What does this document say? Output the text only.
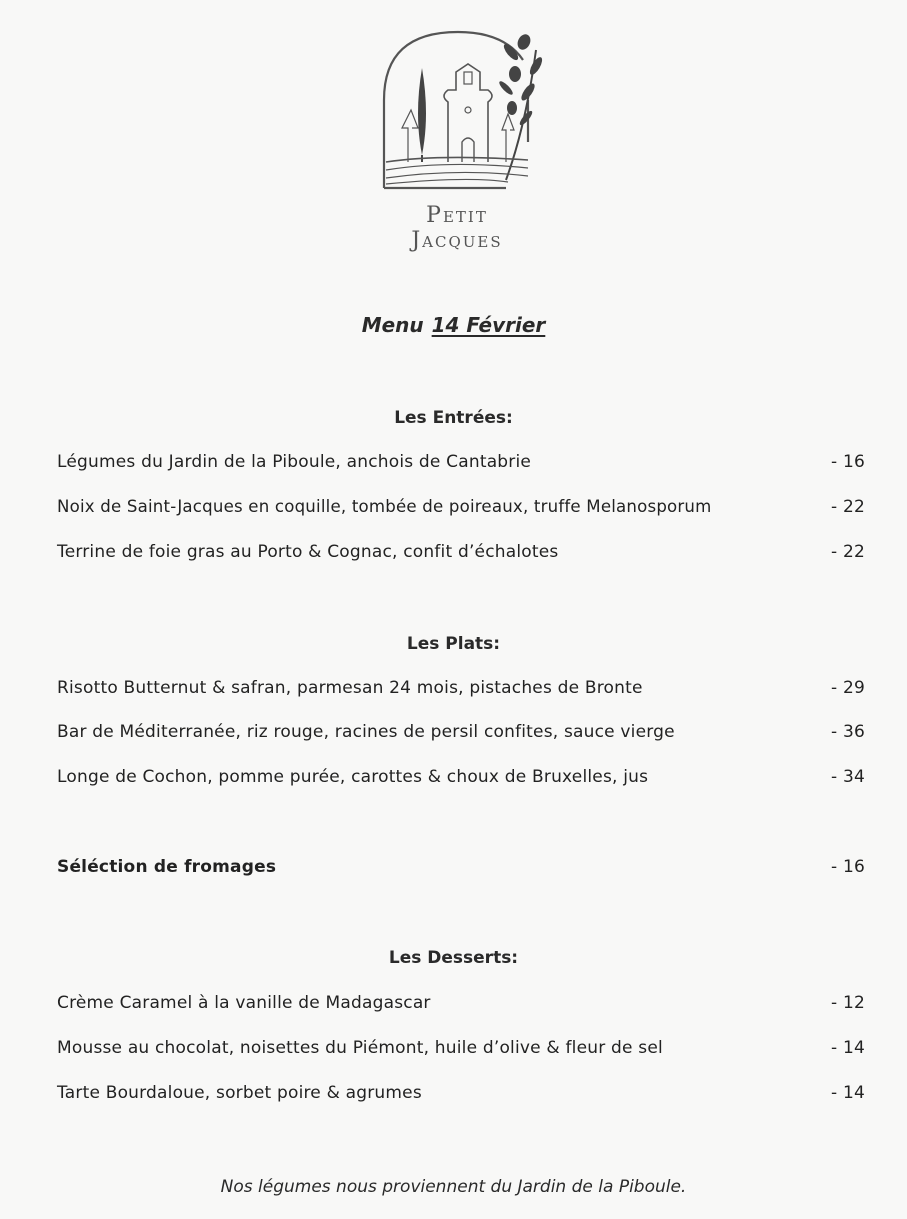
Petit Jacques
Menu 14 Février
Les Entrées:
Légumes du Jardin de la Piboule, anchois de Cantabrie	- 16
Noix de Saint-Jacques en coquille, tombée de poireaux, truffe Melanosporum	- 22
Terrine de foie gras au Porto & Cognac, confit d’échalotes	- 22
Les Plats:
Risotto Butternut & safran, parmesan 24 mois, pistaches de Bronte	- 29
Bar de Méditerranée, riz rouge, racines de persil confites, sauce vierge	- 36
Longe de Cochon, pomme purée, carottes & choux de Bruxelles, jus	- 34
Séléction de fromages	- 16
Les Desserts:
Crème Caramel à la vanille de Madagascar	- 12
Mousse au chocolat, noisettes du Piémont, huile d’olive & fleur de sel	- 14
Tarte Bourdaloue, sorbet poire & agrumes	- 14
Nos légumes nous proviennent du Jardin de la Piboule.
